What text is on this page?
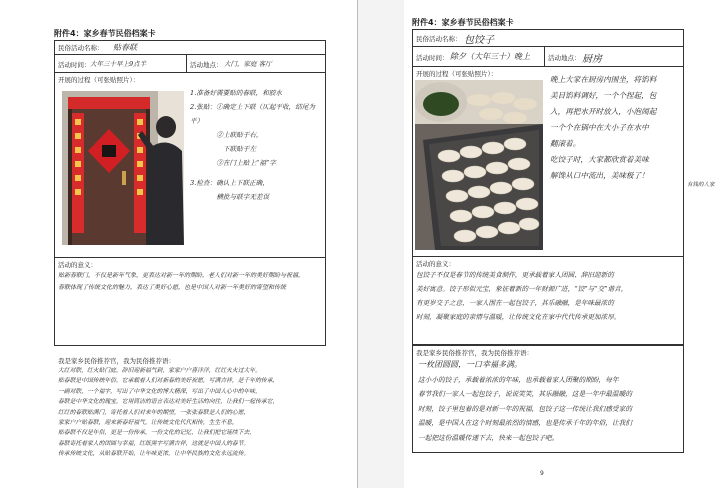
附件4：家乡春节民俗档案卡
民俗活动名称： 贴春联
活动时间： 大年三十早上9点半	活动地点： 大门，家庭 客厅
开展的过程（可张贴照片）：
1.准备好需要贴的春联，和胶水
2.张贴：①确定上下联（仄起平收，结尾为平）
　　　　②上联贴于右，
　　　　　下联贴于左
　　　　③在门上贴上“福”字
3.检查：确认上下联正确，
　　　　横批与联字无差误
活动的意义：
贴新春联门，不仅是新年气象，更表达对新一年的期盼，老人们对新一年的美好期盼与祝福，
春联体现了传统文化的魅力，表达了美好心愿，也是中国人对新一年美好的寄望和传统
我是家乡民俗推荐官，我为民俗推荐语：
大红对联，红火贴门庭，辞旧迎新福气到，家家户户喜洋洋，红红火火过大年。
贴春联是中国传统年俗，它承载着人们对新春的美好祝愿，写满吉祥，是千年的传承，
一副对联，一个福字，写出了中华文化的博大精深，写出了中国人心中的年味，
春联是中华文化的瑰宝，它用简洁的语言表达对美好生活的向往，让我们一起传承它，
红红的春联贴满门，寄托着人们对来年的期望，一张张春联是人们的心愿，
家家户户贴春联，迎来新春好福气，让传统文化代代相传，生生不息，
贴春联不仅是年俗，更是一份传承，一份文化的记忆，让我们把它延续下去，
春联寄托着家人的团圆与幸福，红纸黑字写满吉祥，这就是中国人的春节。
传承传统文化，从贴春联开始，让年味更浓，让中华民族的文化永远流传。
附件4：家乡春节民俗档案卡
民俗活动名称： 包饺子
活动时间： 除夕（大年三十）晚上	活动地点： 厨房
开展的过程（可张贴照片）：
晚上大家在厨房内围坐，将馅料
美目馅料调好，一个个捏起，包
入，再把水开时放入，小泡闹起
一个个在锅中在大小子在水中
翻滚着。
吃饺子时，大家都欣赏着美味
解馋从口中流出，美味极了！
有钱的人家
活动的意义：
包饺子不仅是春节的传统美食制作，更承载着家人团圆、辞旧迎新的
美好寓意。饺子形似元宝，象征着新的一年财源广进，“饺”与“交”谐音，
有更岁交子之意，一家人围在一起包饺子，其乐融融，是年味最浓的
时刻，凝聚家庭的亲情与温暖，让传统文化在家中代代传承更加浓厚。
我是家乡民俗推荐官，我为民俗推荐语：
一枚团圆圆，一口幸福多满。
这小小的饺子，承载着浓浓的年味，也承载着家人团聚的期盼，每年
春节我们一家人一起包饺子，说说笑笑，其乐融融，这是一年中最温暖的
时刻，饺子里包着的是对新一年的祝福，包饺子这一传统让我们感受家的
温暖，是中国人在这个时刻最浓烈的情感，也是传承千年的年俗，让我们
一起把这份温暖传递下去，快来一起包饺子吧。
9
